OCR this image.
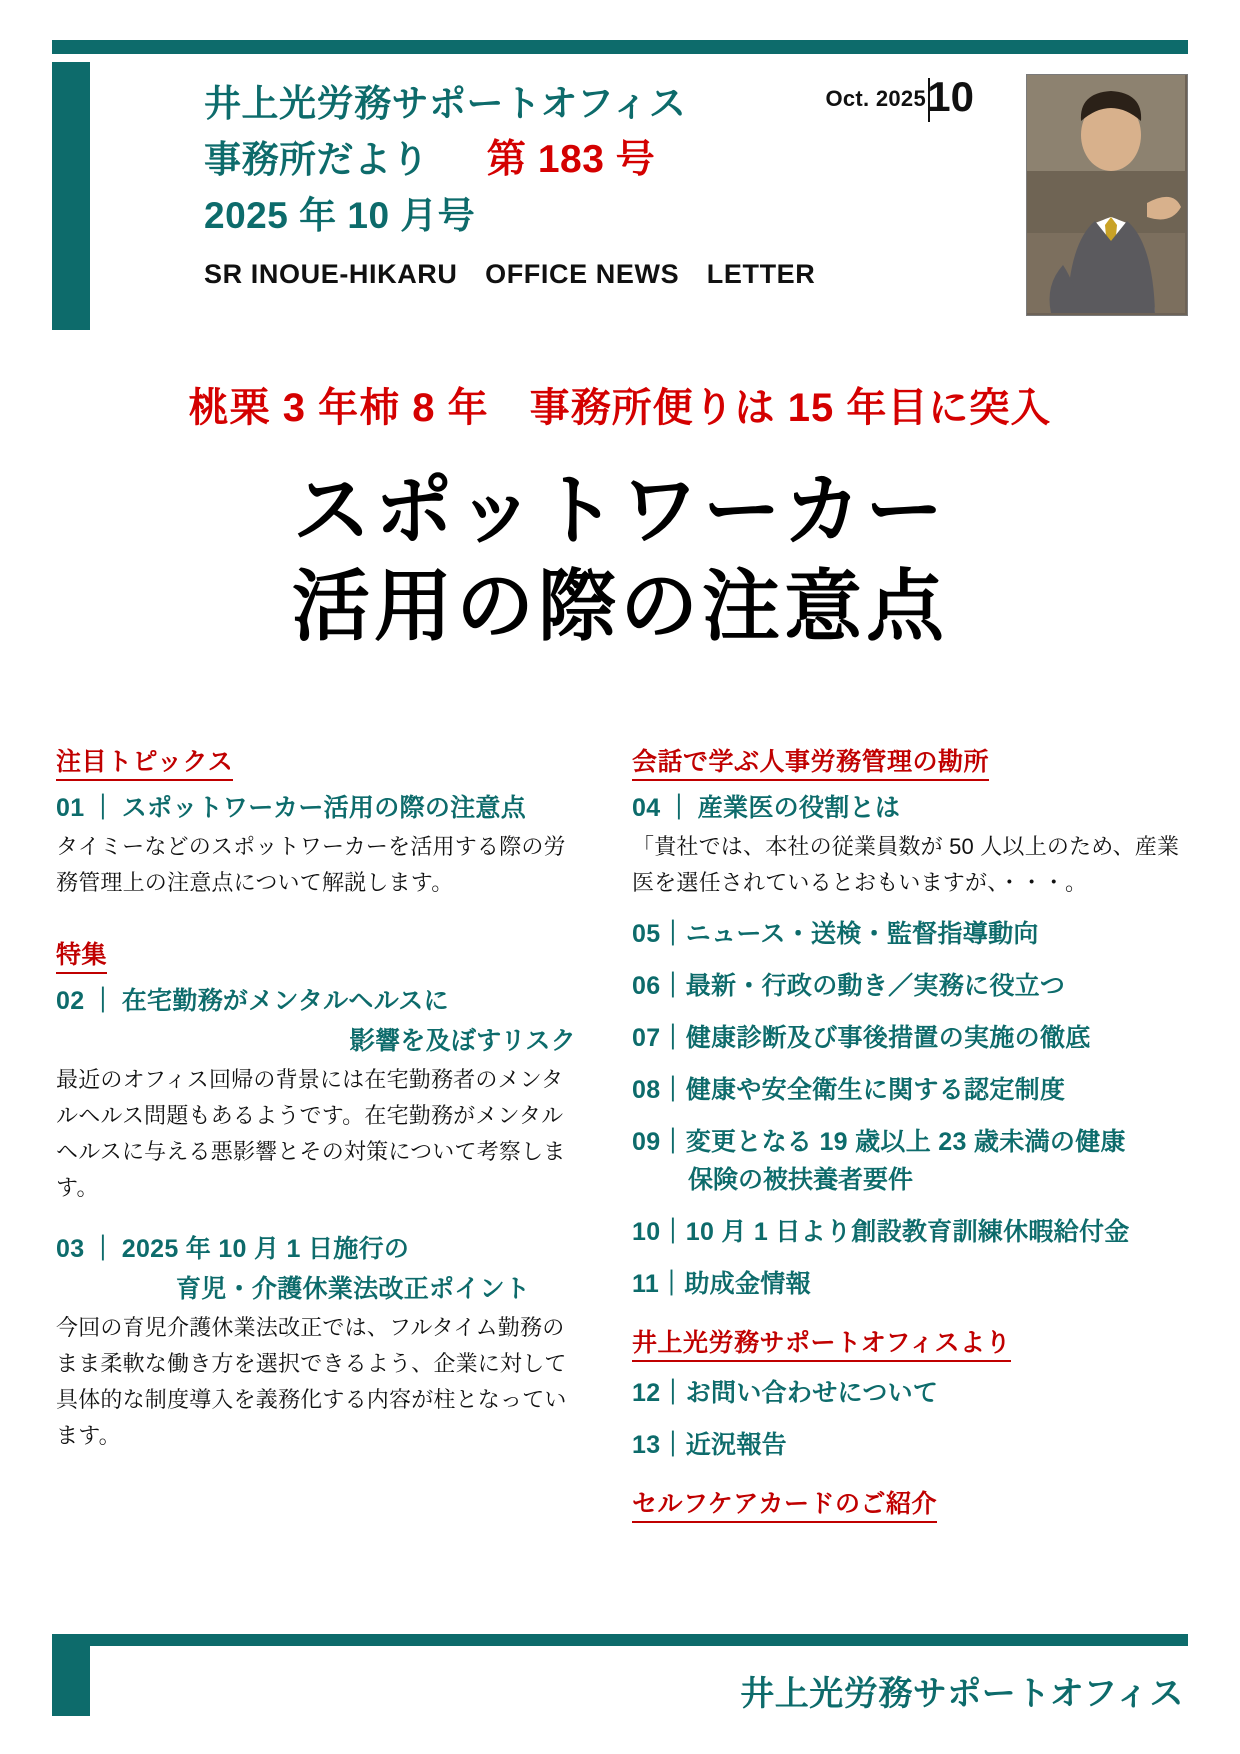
井上光労務サポートオフィス
事務所だより 第 183 号
2025 年 10 月号
SR INOUE-HIKARU　OFFICE NEWS　LETTER
Oct. 2025 10
桃栗 3 年柿 8 年　事務所便りは 15 年目に突入
スポットワーカー
活用の際の注意点
注目トピックス
01 ｜ スポットワーカー活用の際の注意点
タイミーなどのスポットワーカーを活用する際の労務管理上の注意点について解説します。
特集
02 ｜ 在宅勤務がメンタルヘルスに
影響を及ぼすリスク
最近のオフィス回帰の背景には在宅勤務者のメンタルヘルス問題もあるようです。在宅勤務がメンタルヘルスに与える悪影響とその対策について考察します。
03 ｜ 2025 年 10 月 1 日施行の
育児・介護休業法改正ポイント
今回の育児介護休業法改正では、フルタイム勤務のまま柔軟な働き方を選択できるよう、企業に対して具体的な制度導入を義務化する内容が柱となっています。
会話で学ぶ人事労務管理の勘所
04 ｜ 産業医の役割とは
「貴社では、本社の従業員数が 50 人以上のため、産業医を選任されているとおもいますが、・・・。
05｜ニュース・送検・監督指導動向
06｜最新・行政の動き／実務に役立つ
07｜健康診断及び事後措置の実施の徹底
08｜健康や安全衛生に関する認定制度
09｜変更となる 19 歳以上 23 歳未満の健康
保険の被扶養者要件
10｜10 月 1 日より創設教育訓練休暇給付金
11｜助成金情報
井上光労務サポートオフィスより
12｜お問い合わせについて
13｜近況報告
セルフケアカードのご紹介
井上光労務サポートオフィス
